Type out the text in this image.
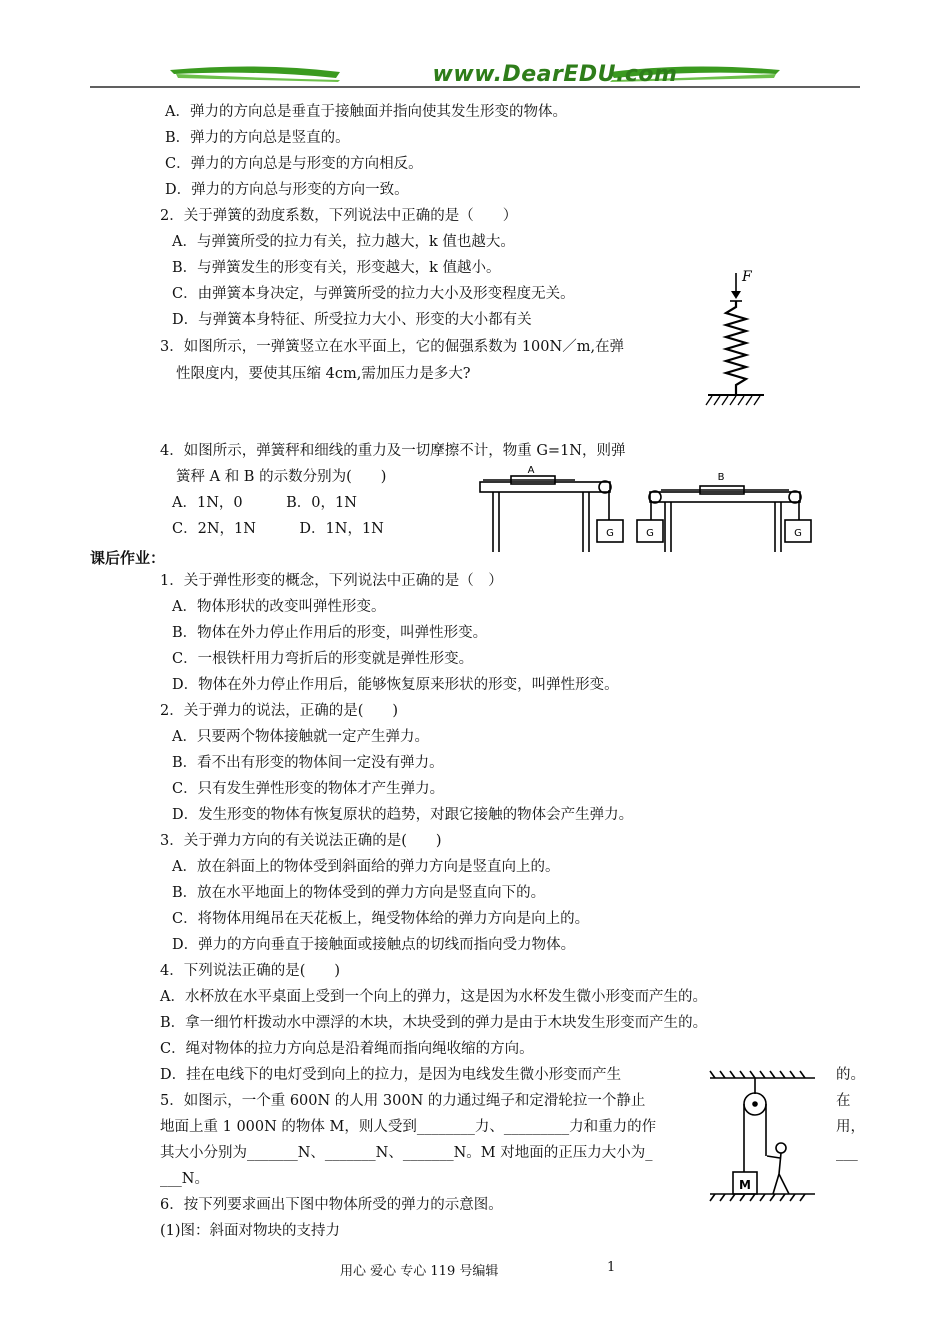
www.DearEDU.com
A．弹力的方向总是垂直于接触面并指向使其发生形变的物体。
B．弹力的方向总是竖直的。
C．弹力的方向总是与形变的方向相反。
D．弹力的方向总与形变的方向一致。
2．关于弹簧的劲度系数，下列说法中正确的是（　　）
A．与弹簧所受的拉力有关，拉力越大，k 值也越大。
B．与弹簧发生的形变有关，形变越大，k 值越小。
C．由弹簧本身决定，与弹簧所受的拉力大小及形变程度无关。
D．与弹簧本身特征、所受拉力大小、形变的大小都有关
3．如图所示，一弹簧竖立在水平面上，它的倔强系数为 100N／m,在弹
性限度内，要使其压缩 4cm,需加压力是多大?
4．如图所示，弹簧秤和细线的重力及一切摩擦不计，物重 G=1N，则弹
簧秤 A 和 B 的示数分别为(　　)
A．1N，0　　　B．0，1N
C．2N，1N　　　D．1N，1N
F
A
B
G	G	G
课后作业：
1．关于弹性形变的概念，下列说法中正确的是（　）
A．物体形状的改变叫弹性形变。
B．物体在外力停止作用后的形变，叫弹性形变。
C．一根铁杆用力弯折后的形变就是弹性形变。
D．物体在外力停止作用后，能够恢复原来形状的形变，叫弹性形变。
2．关于弹力的说法，正确的是(　　)
A．只要两个物体接触就一定产生弹力。
B．看不出有形变的物体间一定没有弹力。
C．只有发生弹性形变的物体才产生弹力。
D．发生形变的物体有恢复原状的趋势，对跟它接触的物体会产生弹力。
3．关于弹力方向的有关说法正确的是(　　)
A．放在斜面上的物体受到斜面给的弹力方向是竖直向上的。
B．放在水平地面上的物体受到的弹力方向是竖直向下的。
C．将物体用绳吊在天花板上，绳受物体给的弹力方向是向上的。
D．弹力的方向垂直于接触面或接触点的切线而指向受力物体。
4．下列说法正确的是(　　)
A．水杯放在水平桌面上受到一个向上的弹力，这是因为水杯发生微小形变而产生的。
B．拿一细竹杆拨动水中漂浮的木块，木块受到的弹力是由于木块发生形变而产生的。
C．绳对物体的拉力方向总是沿着绳而指向绳收缩的方向。
D．挂在电线下的电灯受到向上的拉力，是因为电线发生微小形变而产生
5．如图示，一个重 600N 的人用 300N 的力通过绳子和定滑轮拉一个静止
地面上重 1 000N 的物体 M，则人受到________力、_________力和重力的作
其大小分别为_______N、_______N、_______N。M 对地面的正压力大小为_
___N。
6．按下列要求画出下图中物体所受的弹力的示意图。
(1)图：斜面对物块的支持力
的。
在
用，
___
M
用心 爱心 专心 119 号编辑	1
